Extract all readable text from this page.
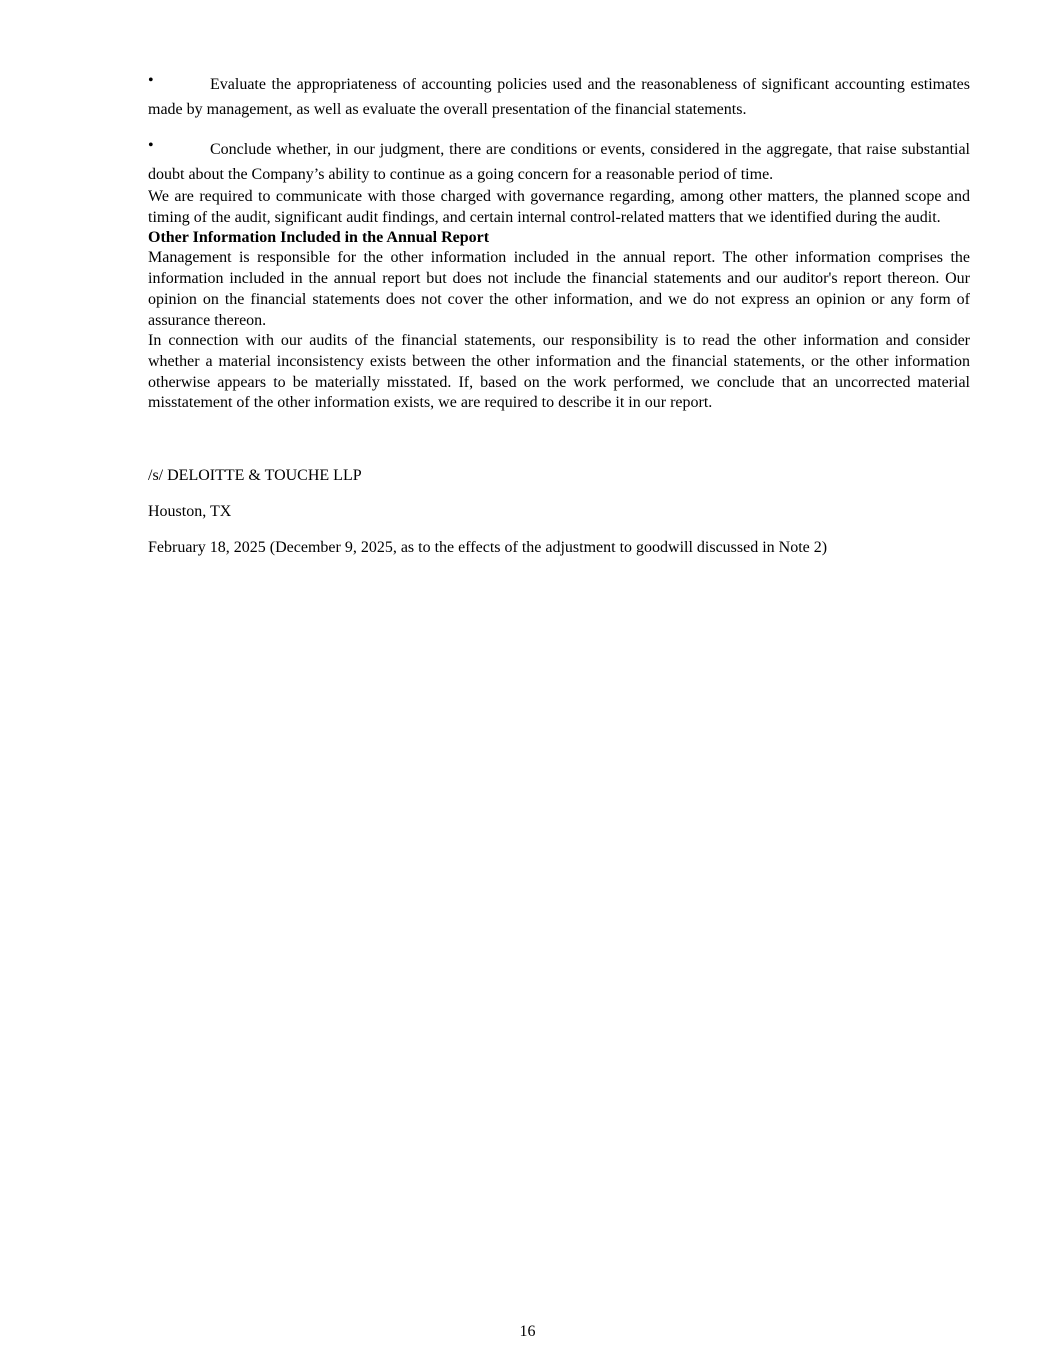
•	Evaluate the appropriateness of accounting policies used and the reasonableness of significant accounting estimates made by management, as well as evaluate the overall presentation of the financial statements.
•	Conclude whether, in our judgment, there are conditions or events, considered in the aggregate, that raise substantial doubt about the Company’s ability to continue as a going concern for a reasonable period of time.

We are required to communicate with those charged with governance regarding, among other matters, the planned scope and timing of the audit, significant audit findings, and certain internal control-related matters that we identified during the audit.

Other Information Included in the Annual Report

Management is responsible for the other information included in the annual report. The other information comprises the information included in the annual report but does not include the financial statements and our auditor's report thereon. Our opinion on the financial statements does not cover the other information, and we do not express an opinion or any form of assurance thereon.

In connection with our audits of the financial statements, our responsibility is to read the other information and consider whether a material inconsistency exists between the other information and the financial statements, or the other information otherwise appears to be materially misstated. If, based on the work performed, we conclude that an uncorrected material misstatement of the other information exists, we are required to describe it in our report.

/s/ DELOITTE & TOUCHE LLP

Houston, TX

February 18, 2025 (December 9, 2025, as to the effects of the adjustment to goodwill discussed in Note 2)

16
